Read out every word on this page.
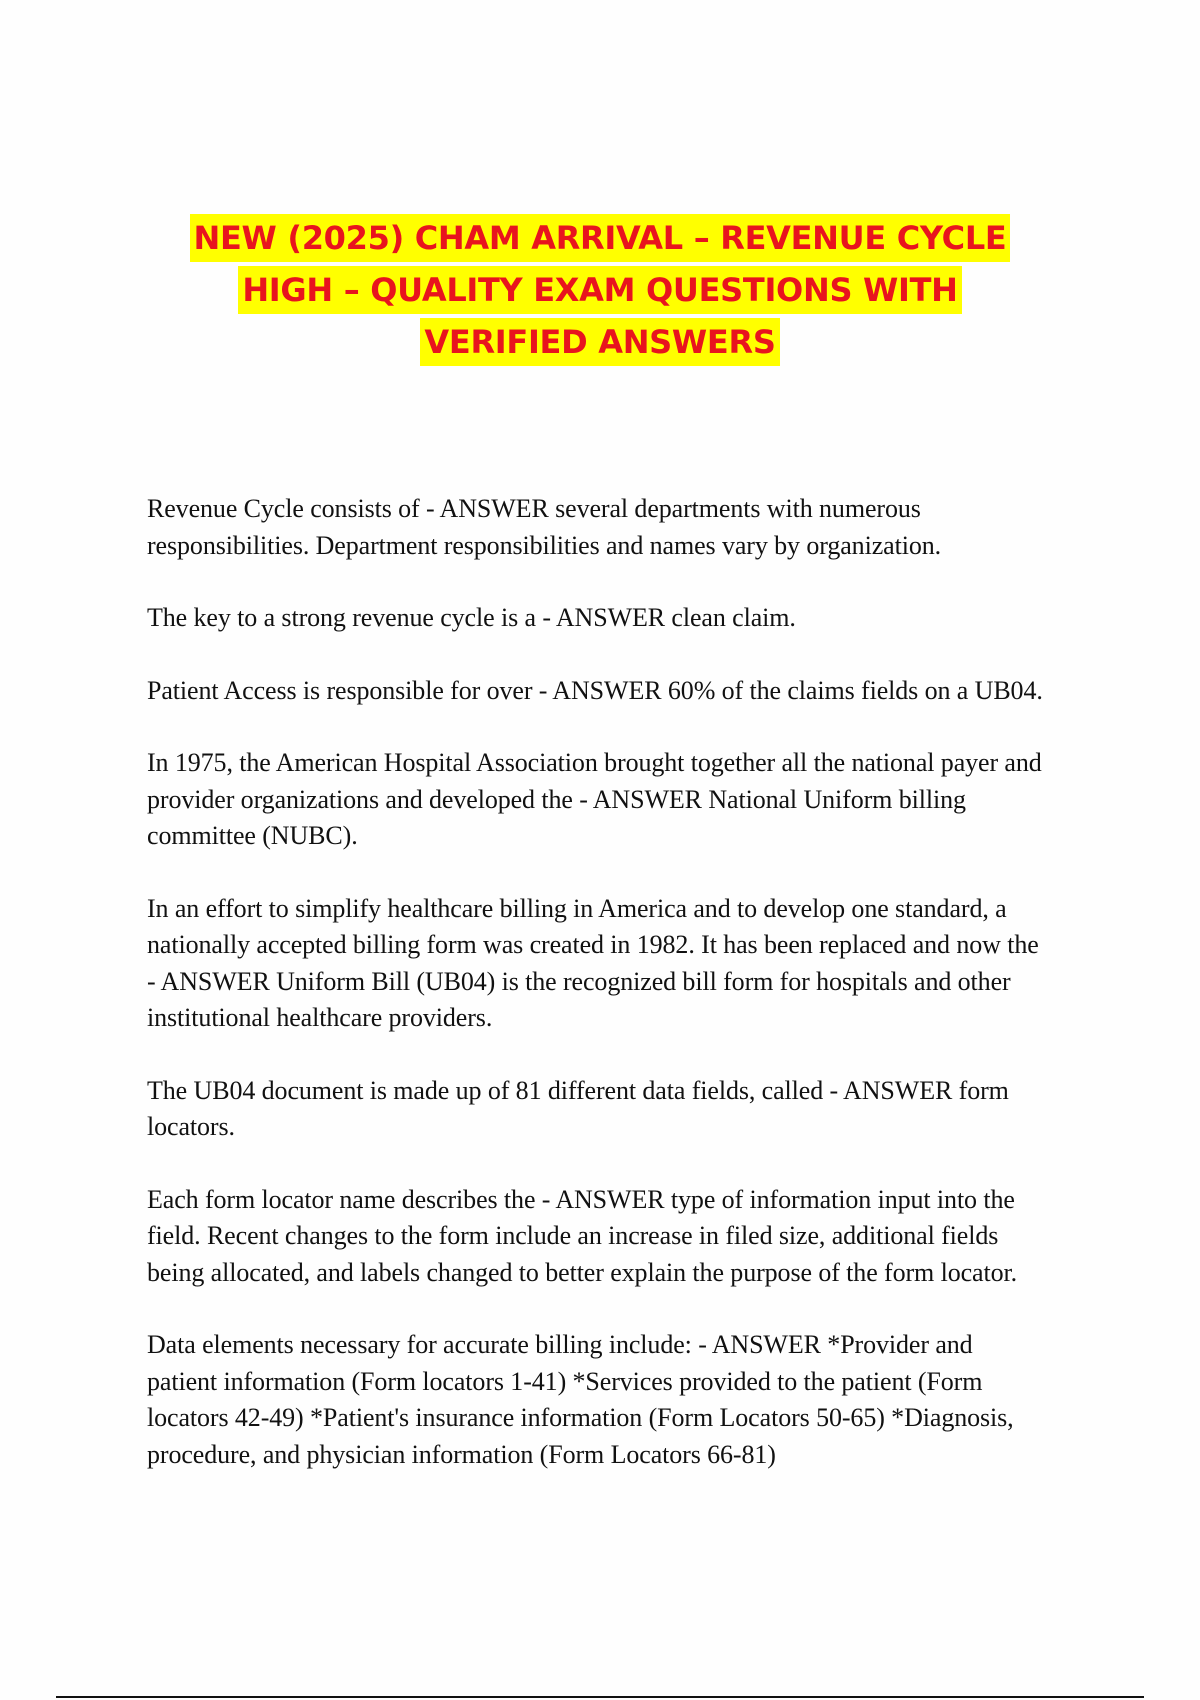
NEW (2025) CHAM ARRIVAL – REVENUE CYCLE
HIGH – QUALITY EXAM QUESTIONS WITH
VERIFIED ANSWERS

Revenue Cycle consists of - ANSWER several departments with numerous responsibilities. Department responsibilities and names vary by organization.

The key to a strong revenue cycle is a - ANSWER clean claim.

Patient Access is responsible for over - ANSWER 60% of the claims fields on a UB04.

In 1975, the American Hospital Association brought together all the national payer and provider organizations and developed the - ANSWER National Uniform billing committee (NUBC).

In an effort to simplify healthcare billing in America and to develop one standard, a nationally accepted billing form was created in 1982. It has been replaced and now the - ANSWER Uniform Bill (UB04) is the recognized bill form for hospitals and other institutional healthcare providers.

The UB04 document is made up of 81 different data fields, called - ANSWER form locators.

Each form locator name describes the - ANSWER type of information input into the field. Recent changes to the form include an increase in filed size, additional fields being allocated, and labels changed to better explain the purpose of the form locator.

Data elements necessary for accurate billing include: - ANSWER *Provider and patient information (Form locators 1-41) *Services provided to the patient (Form locators 42-49) *Patient's insurance information (Form Locators 50-65) *Diagnosis, procedure, and physician information (Form Locators 66-81)
